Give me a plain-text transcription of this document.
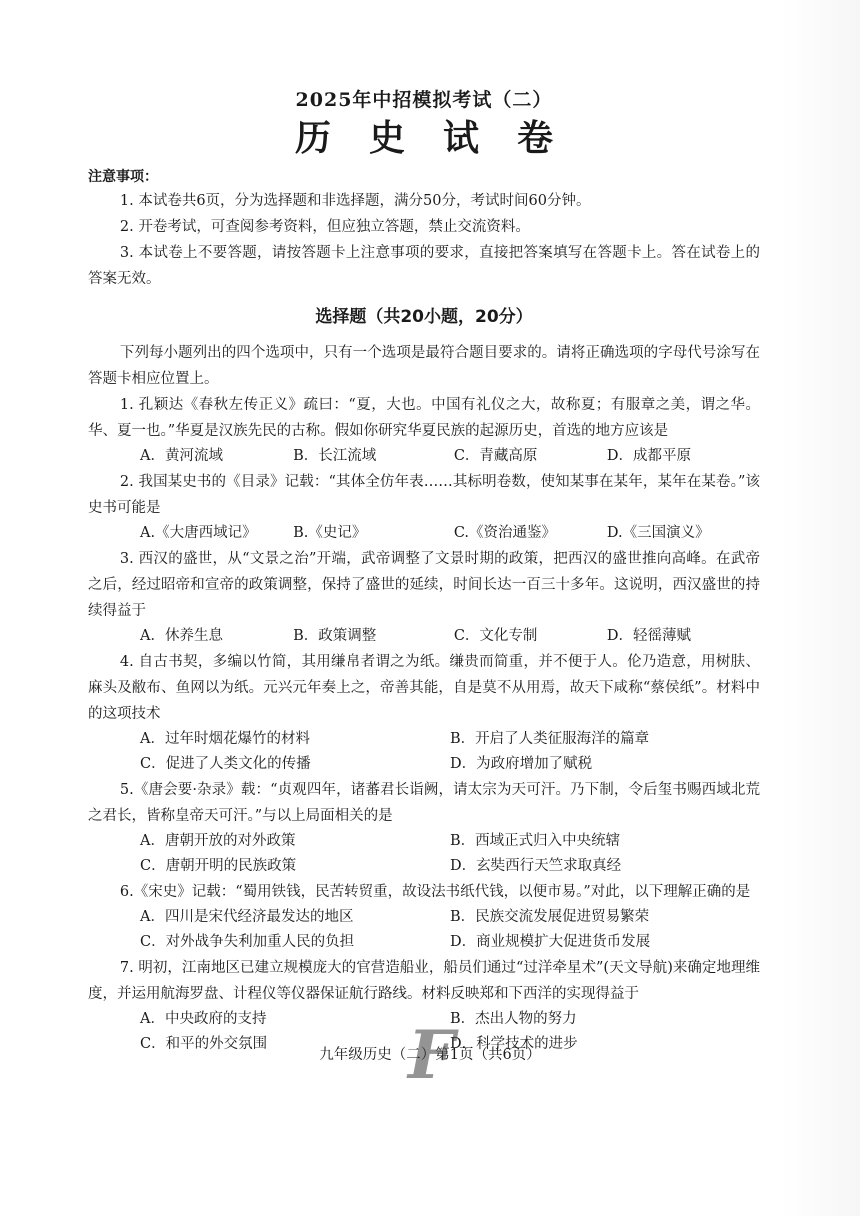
2025年中招模拟考试（二）
历史试卷
注意事项：

1. 本试卷共6页，分为选择题和非选择题，满分50分，考试时间60分钟。

2. 开卷考试，可查阅参考资料，但应独立答题，禁止交流资料。

3. 本试卷上不要答题，请按答题卡上注意事项的要求，直接把答案填写在答题卡上。答在试卷上的答案无效。

选择题（共20小题，20分）

下列每小题列出的四个选项中，只有一个选项是最符合题目要求的。请将正确选项的字母代号涂写在答题卡相应位置上。

1. 孔颖达《春秋左传正义》疏曰：“夏，大也。中国有礼仪之大，故称夏；有服章之美，谓之华。华、夏一也。”华夏是汉族先民的古称。假如你研究华夏民族的起源历史，首选的地方应该是

A．黄河流域	B．长江流域	C．青藏高原	D．成都平原

2. 我国某史书的《目录》记载：“其体全仿年表……其标明卷数，使知某事在某年，某年在某卷。”该史书可能是

A.《大唐西域记》	B.《史记》	C.《资治通鉴》	D.《三国演义》

3. 西汉的盛世，从“文景之治”开端，武帝调整了文景时期的政策，把西汉的盛世推向高峰。在武帝之后，经过昭帝和宣帝的政策调整，保持了盛世的延续，时间长达一百三十多年。这说明，西汉盛世的持续得益于

A．休养生息	B．政策调整	C．文化专制	D．轻徭薄赋

4. 自古书契，多编以竹简，其用缣帛者谓之为纸。缣贵而简重，并不便于人。伦乃造意，用树肤、麻头及敝布、鱼网以为纸。元兴元年奏上之，帝善其能，自是莫不从用焉，故天下咸称“蔡侯纸”。材料中的这项技术

A．过年时烟花爆竹的材料	B．开启了人类征服海洋的篇章
C．促进了人类文化的传播	D．为政府增加了赋税

5.《唐会要·杂录》载：“贞观四年，诸蕃君长诣阙，请太宗为天可汗。乃下制，令后玺书赐西域北荒之君长，皆称皇帝天可汗。”与以上局面相关的是

A．唐朝开放的对外政策	B．西域正式归入中央统辖
C．唐朝开明的民族政策	D．玄奘西行天竺求取真经

6.《宋史》记载：“蜀用铁钱，民苦转贸重，故设法书纸代钱，以便市易。”对此，以下理解正确的是

A．四川是宋代经济最发达的地区	B．民族交流发展促进贸易繁荣
C．对外战争失利加重人民的负担	D．商业规模扩大促进货币发展

7. 明初，江南地区已建立规模庞大的官营造船业，船员们通过“过洋牵星术”(天文导航)来确定地理维度，并运用航海罗盘、计程仪等仪器保证航行路线。材料反映郑和下西洋的实现得益于

A．中央政府的支持	B．杰出人物的努力
C．和平的外交氛围	D．科学技术的进步
九年级历史（二）第1页（共6页）
F
